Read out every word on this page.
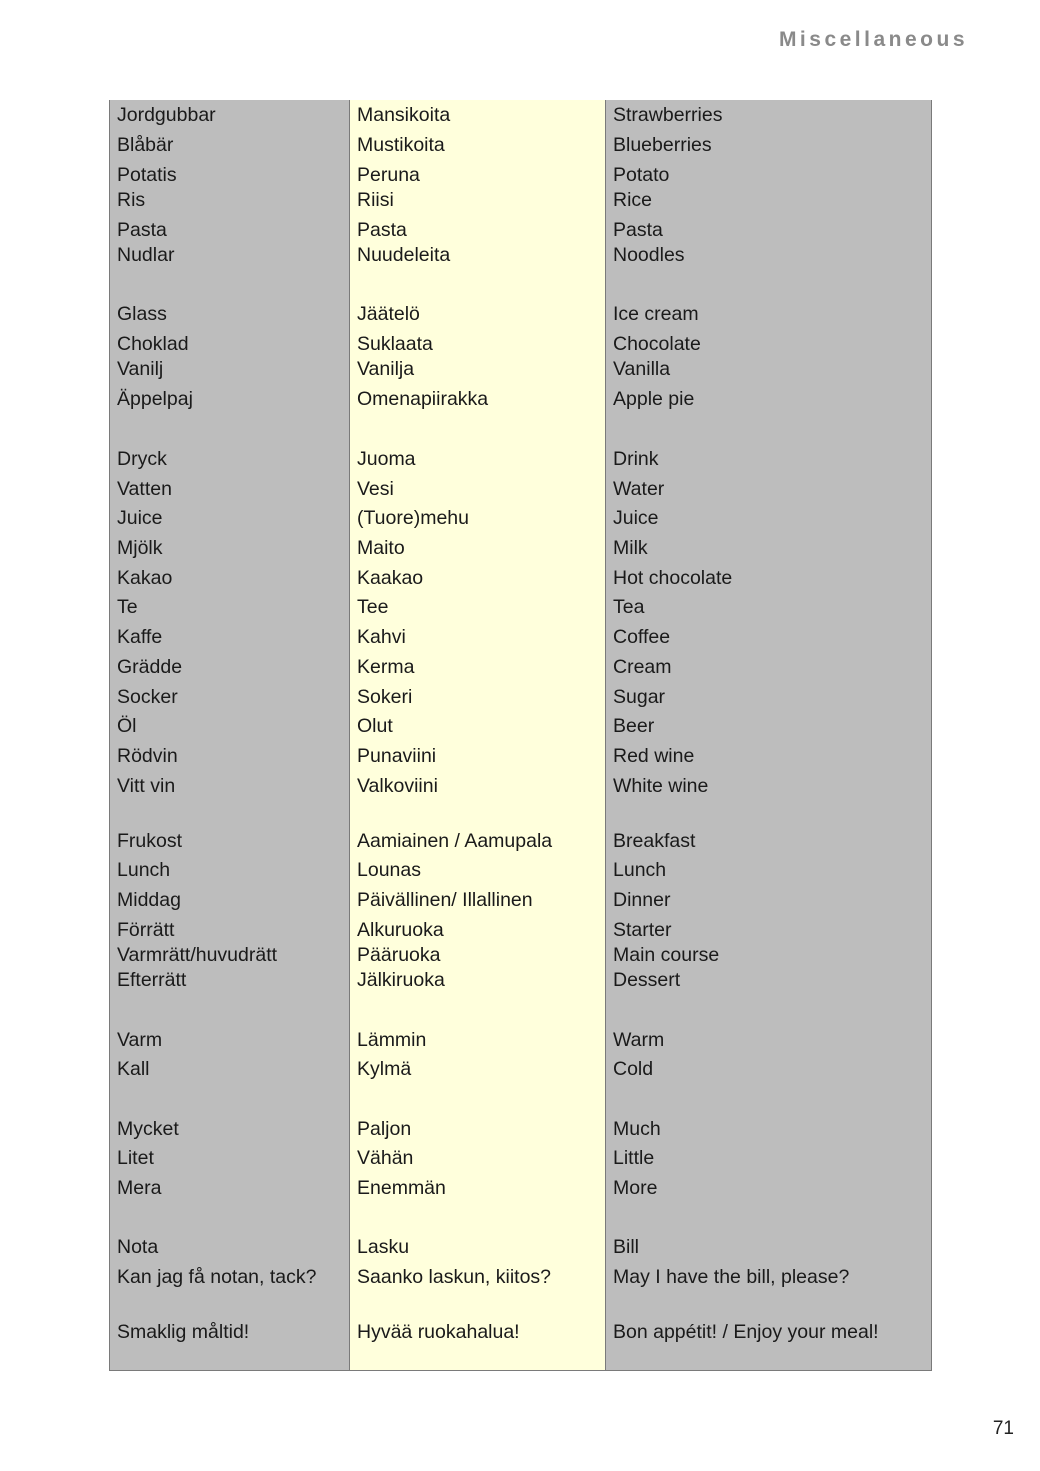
Miscellaneous
Jordgubbar
Blåbär
Potatis
Ris
Pasta
Nudlar
Glass
Choklad
Vanilj
Äppelpaj
Dryck
Vatten
Juice
Mjölk
Kakao
Te
Kaffe
Grädde
Socker
Öl
Rödvin
Vitt vin
Frukost
Lunch
Middag
Förrätt
Varmrätt/huvudrätt
Efterrätt
Varm
Kall
Mycket
Litet
Mera
Nota
Kan jag få notan, tack?
Smaklig måltid!
Mansikoita
Mustikoita
Peruna
Riisi
Pasta
Nuudeleita
Jäätelö
Suklaata
Vanilja
Omenapiirakka
Juoma
Vesi
(Tuore)mehu
Maito
Kaakao
Tee
Kahvi
Kerma
Sokeri
Olut
Punaviini
Valkoviini
Aamiainen / Aamupala
Lounas
Päivällinen/ Illallinen
Alkuruoka
Pääruoka
Jälkiruoka
Lämmin
Kylmä
Paljon
Vähän
Enemmän
Lasku
Saanko laskun, kiitos?
Hyvää ruokahalua!
Strawberries
Blueberries
Potato
Rice
Pasta
Noodles
Ice cream
Chocolate
Vanilla
Apple pie
Drink
Water
Juice
Milk
Hot chocolate
Tea
Coffee
Cream
Sugar
Beer
Red wine
White wine
Breakfast
Lunch
Dinner
Starter
Main course
Dessert
Warm
Cold
Much
Little
More
Bill
May I have the bill, please?
Bon appétit! / Enjoy your meal!
71
